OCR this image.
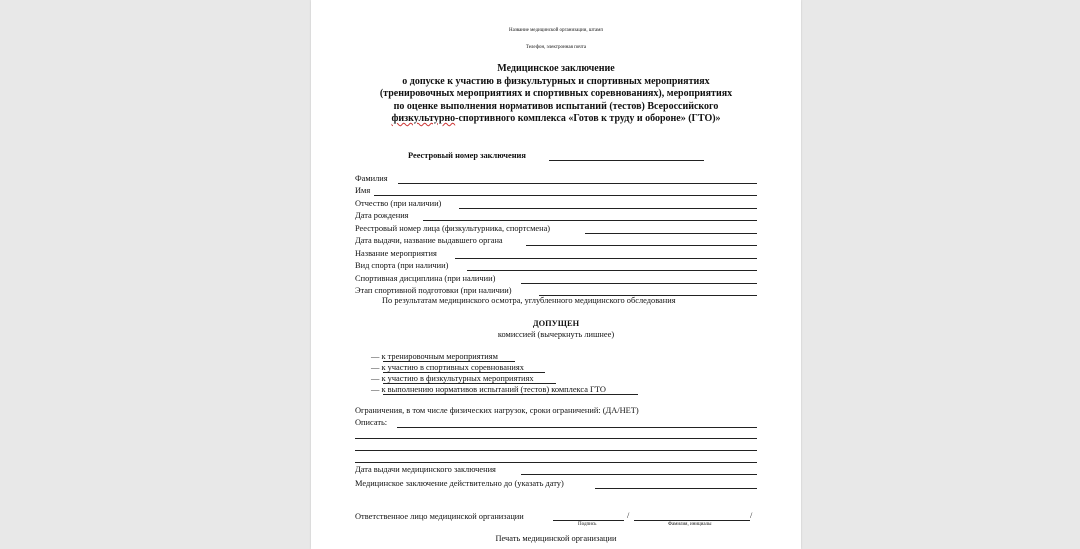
Название медицинской организации, штамп
Телефон, электронная почта
Медицинское заключение
о допуске к участию в физкультурных и спортивных мероприятиях
(тренировочных мероприятиях и спортивных соревнованиях), мероприятиях
по оценке выполнения нормативов испытаний (тестов) Всероссийского
физкультурно-спортивного комплекса «Готов к труду и обороне» (ГТО)»
Реестровый номер заключения
Фамилия
Имя
Отчество (при наличии)
Дата рождения
Реестровый номер лица (физкультурника, спортсмена)
Дата выдачи, название выдавшего органа
Название мероприятия
Вид спорта (при наличии)
Спортивная дисциплина (при наличии)
Этап спортивной подготовки (при наличии)
По результатам медицинского осмотра, углубленного медицинского обследования
ДОПУЩЕН
комиссией (вычеркнуть лишнее)
— к тренировочным мероприятиям
— к участию в спортивных соревнованиях
— к участию в физкультурных мероприятиях
— к выполнению нормативов испытаний (тестов) комплекса ГТО
Ограничения, в том числе физических нагрузок, сроки ограничений: (ДА/НЕТ)
Описать:
Дата выдачи медицинского заключения
Медицинское заключение действительно до (указать дату)
Ответственное лицо медицинской организации	/	/
Подпись	Фамилия, инициалы
Печать медицинской организации
